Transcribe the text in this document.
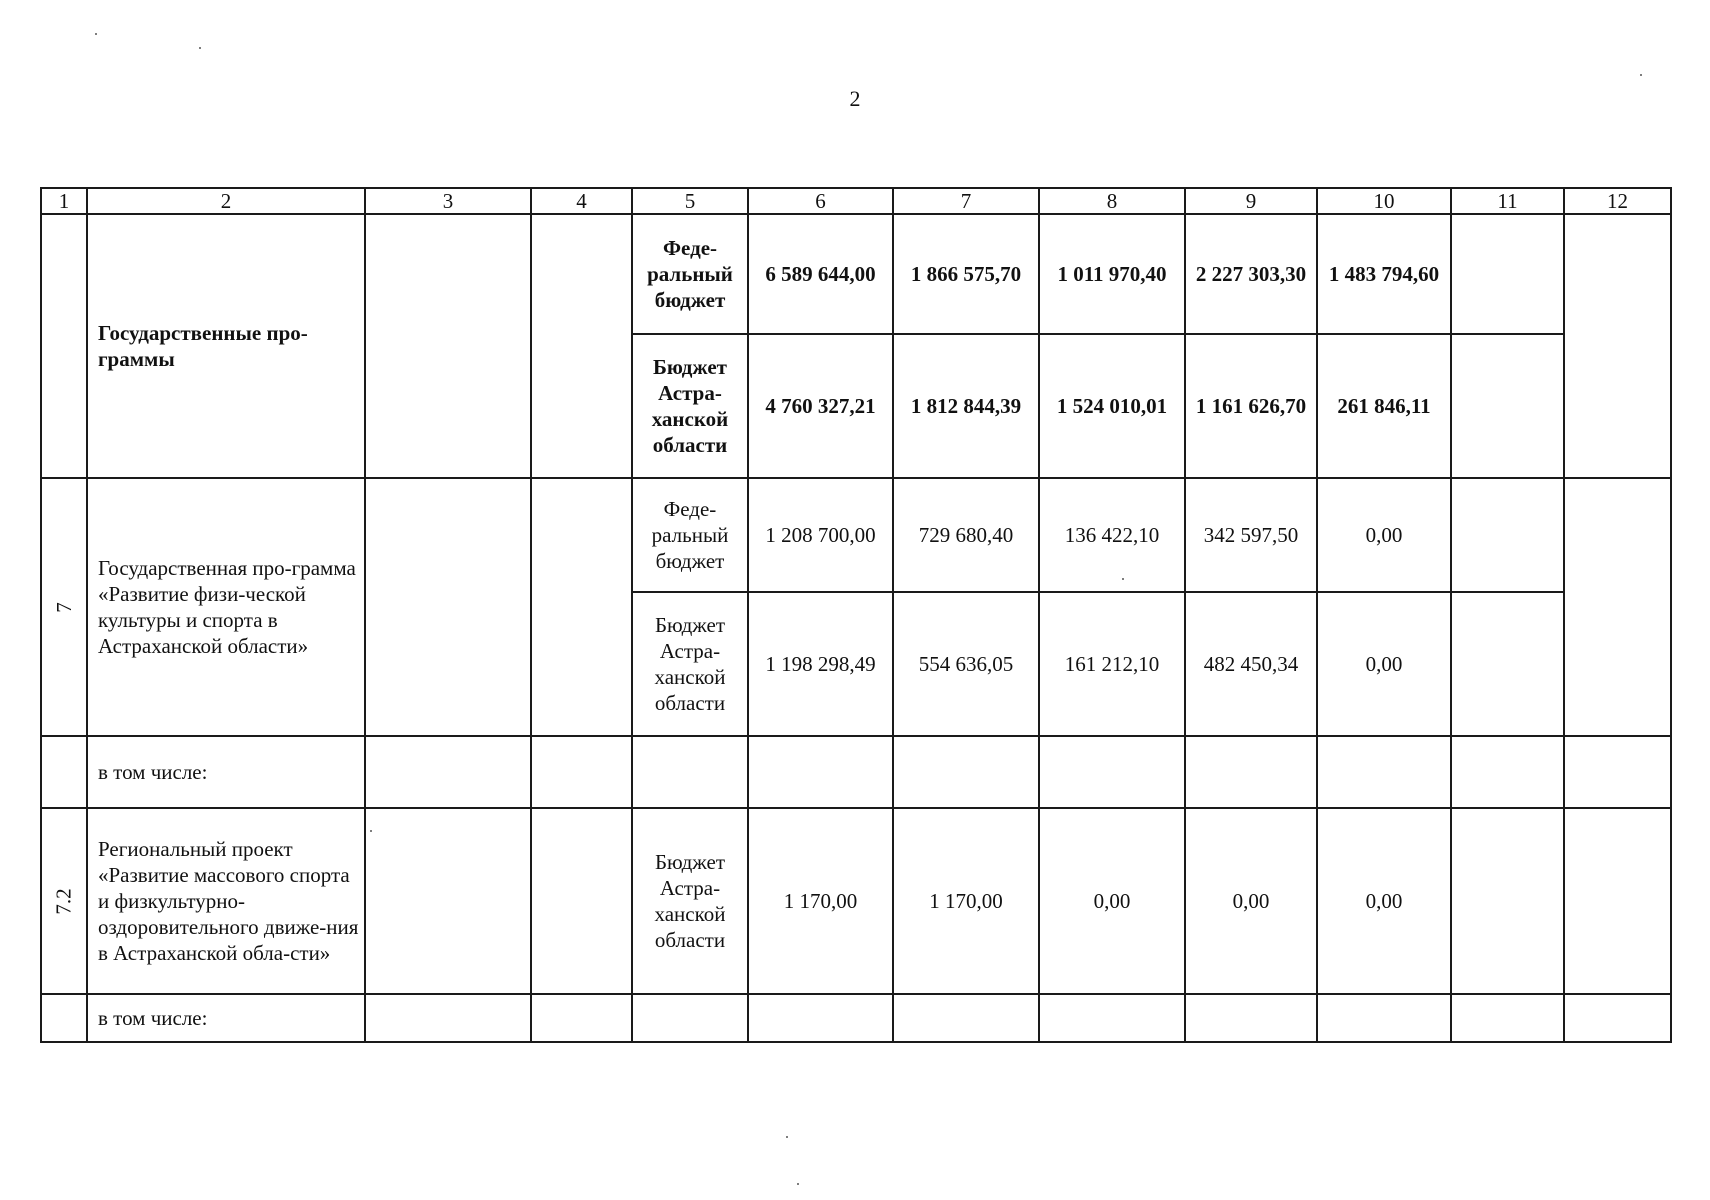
2
1	2	3	4	5	6	7	8	9	10	11	12
	Государственные про-граммы			Феде-ральный бюджет	6 589 644,00	1 866 575,70	1 011 970,40	2 227 303,30	1 483 794,60		
				Бюджет Астра-ханской области	4 760 327,21	1 812 844,39	1 524 010,01	1 161 626,70	261 846,11		
7	Государственная про-грамма «Развитие физи-ческой культуры и спорта в Астраханской области»			Феде-ральный бюджет	1 208 700,00	729 680,40	136 422,10	342 597,50	0,00		
				Бюджет Астра-ханской области	1 198 298,49	554 636,05	161 212,10	482 450,34	0,00		
	в том числе:										
7.2	Региональный проект «Развитие массового спорта и физкультурно-оздоровительного движе-ния в Астраханской обла-сти»			Бюджет Астра-ханской области	1 170,00	1 170,00	0,00	0,00	0,00		
	в том числе:										
